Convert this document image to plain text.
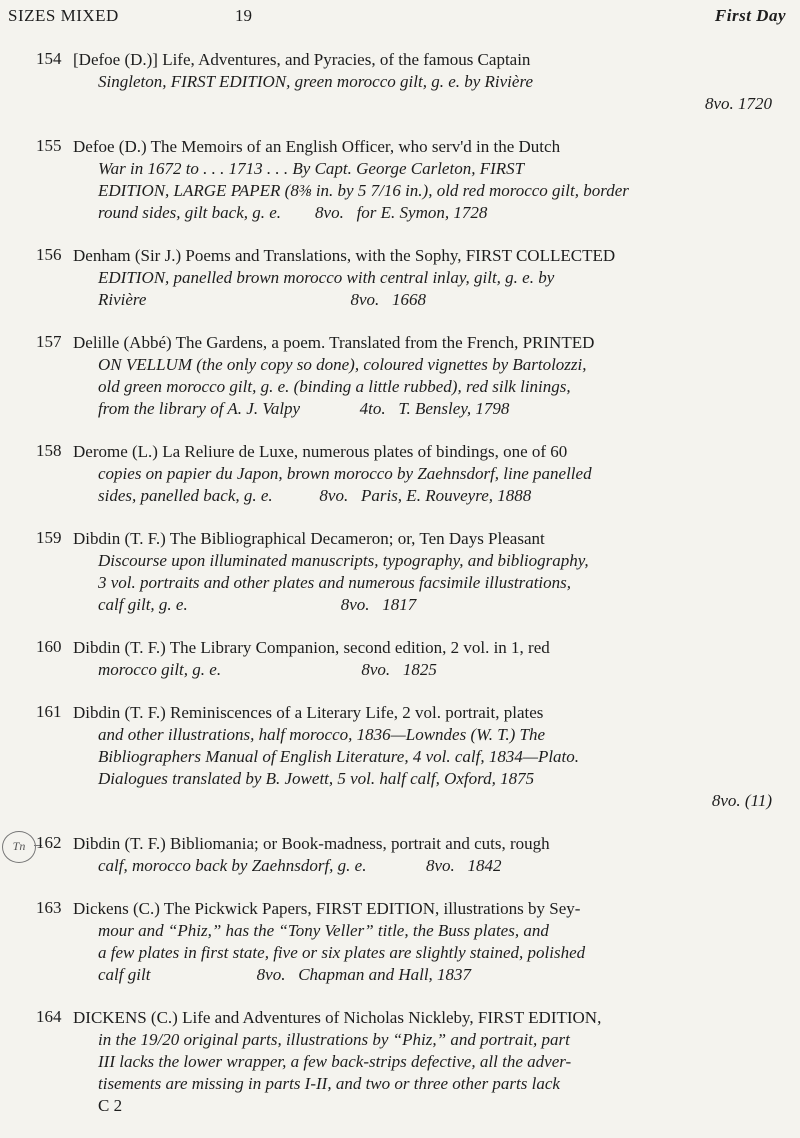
SIZES MIXED	19	First Day
154 [Defoe (D.)] Life, Adventures, and Pyracies, of the famous Captain
Singleton, FIRST EDITION, green morocco gilt, g. e. by Rivière
8vo. 1720
155 Defoe (D.) The Memoirs of an English Officer, who serv'd in the Dutch
War in 1672 to . . . 1713 . . . By Capt. George Carleton, FIRST
EDITION, LARGE PAPER (8⅜ in. by 5 7/16 in.), old red morocco gilt, border
round sides, gilt back, g. e.        8vo.   for E. Symon, 1728
156 Denham (Sir J.) Poems and Translations, with the Sophy, FIRST COLLECTED
EDITION, panelled brown morocco with central inlay, gilt, g. e. by
Rivière                                                8vo.   1668
157 Delille (Abbé) The Gardens, a poem. Translated from the French, PRINTED
ON VELLUM (the only copy so done), coloured vignettes by Bartolozzi,
old green morocco gilt, g. e. (binding a little rubbed), red silk linings,
from the library of A. J. Valpy              4to.   T. Bensley, 1798
158 Derome (L.) La Reliure de Luxe, numerous plates of bindings, one of 60
copies on papier du Japon, brown morocco by Zaehnsdorf, line panelled
sides, panelled back, g. e.           8vo.   Paris, E. Rouveyre, 1888
159 Dibdin (T. F.) The Bibliographical Decameron; or, Ten Days Pleasant
Discourse upon illuminated manuscripts, typography, and bibliography,
3 vol. portraits and other plates and numerous facsimile illustrations,
calf gilt, g. e.                                    8vo.   1817
160 Dibdin (T. F.) The Library Companion, second edition, 2 vol. in 1, red
morocco gilt, g. e.                                 8vo.   1825
161 Dibdin (T. F.) Reminiscences of a Literary Life, 2 vol. portrait, plates
and other illustrations, half morocco, 1836—Lowndes (W. T.) The
Bibliographers Manual of English Literature, 4 vol. calf, 1834—Plato.
Dialogues translated by B. Jowett, 5 vol. half calf, Oxford, 1875
8vo. (11)
Tn 162 Dibdin (T. F.) Bibliomania; or Book-madness, portrait and cuts, rough
calf, morocco back by Zaehnsdorf, g. e.              8vo.   1842
163 Dickens (C.) The Pickwick Papers, FIRST EDITION, illustrations by Sey-
mour and “Phiz,” has the “Tony Veller” title, the Buss plates, and
a few plates in first state, five or six plates are slightly stained, polished
calf gilt                         8vo.   Chapman and Hall, 1837
164 DICKENS (C.) Life and Adventures of Nicholas Nickleby, FIRST EDITION,
in the 19/20 original parts, illustrations by “Phiz,” and portrait, part
III lacks the lower wrapper, a few back-strips defective, all the adver-
tisements are missing in parts I-II, and two or three other parts lack
C 2
